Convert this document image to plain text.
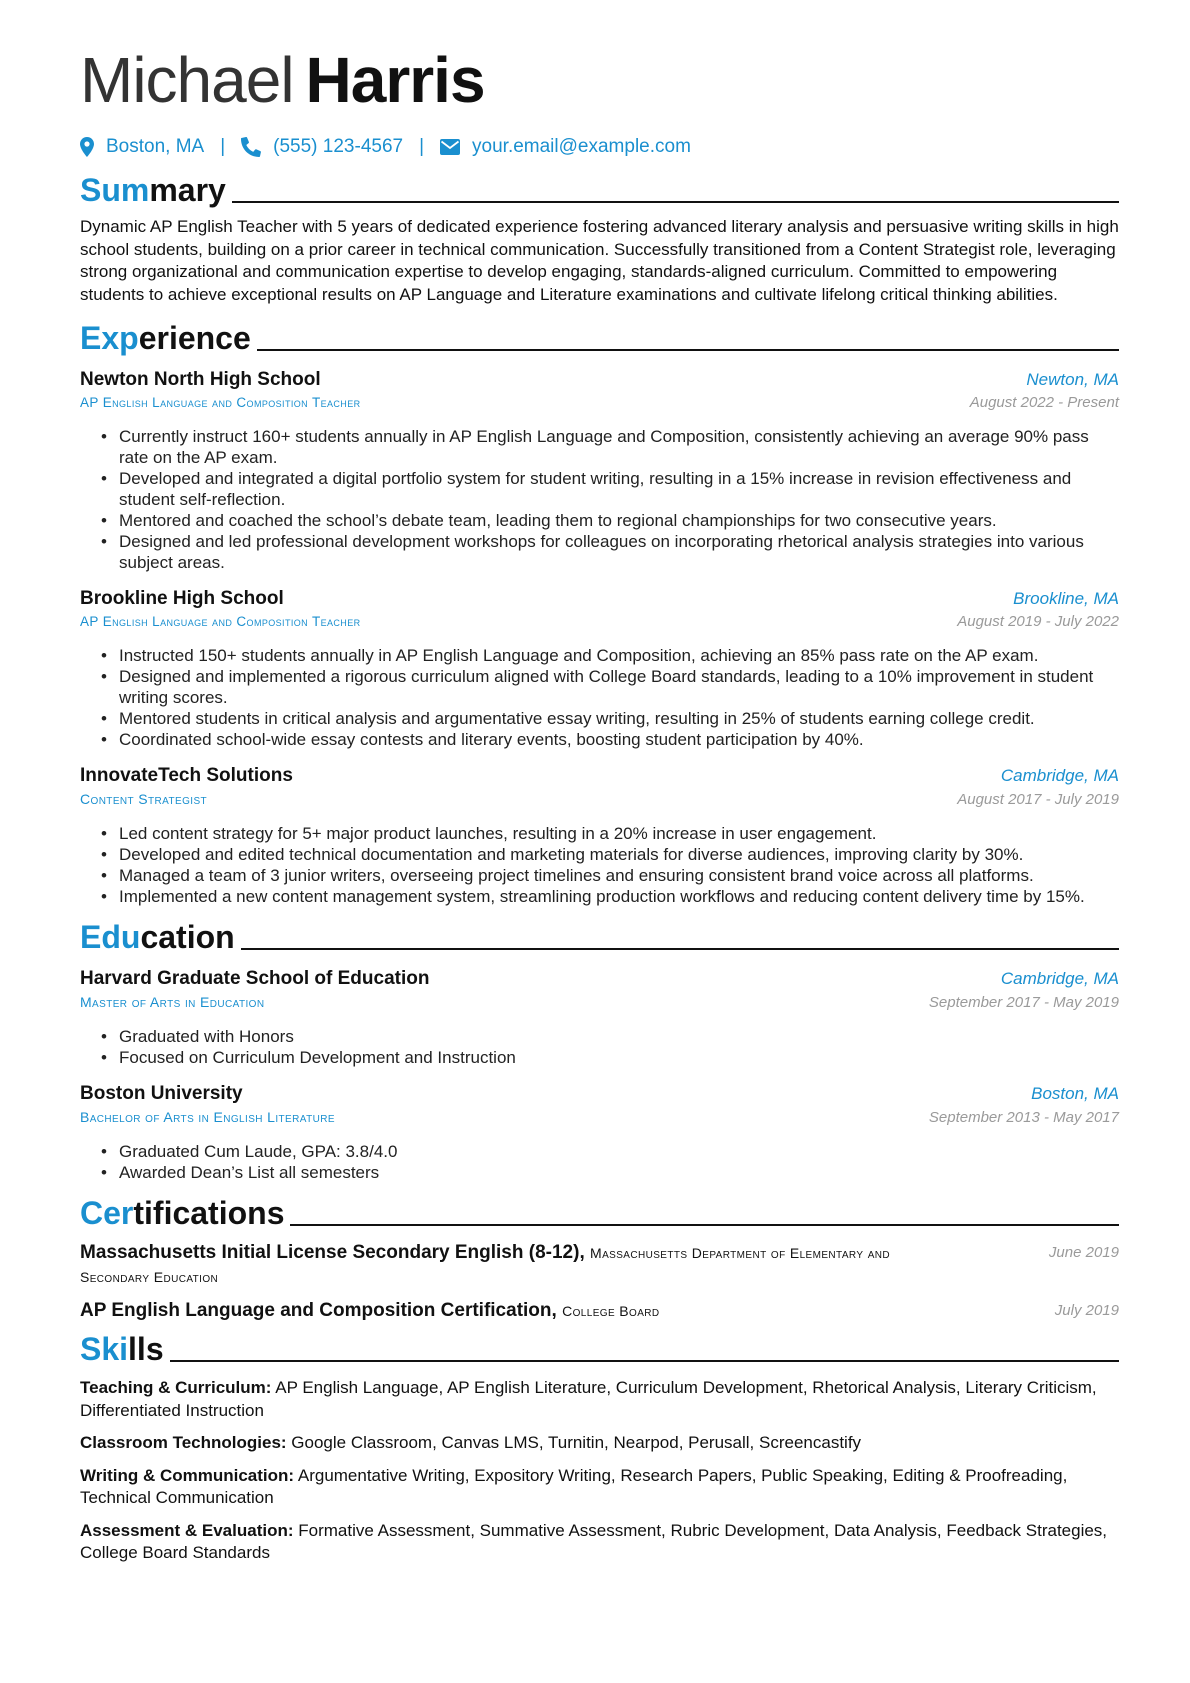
Michael Harris
Boston, MA |	(555) 123-4567 |	your.email@example.com
Summary
Dynamic AP English Teacher with 5 years of dedicated experience fostering advanced literary analysis and persuasive writing skills in high school students, building on a prior career in technical communication. Successfully transitioned from a Content Strategist role, leveraging strong organizational and communication expertise to develop engaging, standards-aligned curriculum. Committed to empowering students to achieve exceptional results on AP Language and Literature examinations and cultivate lifelong critical thinking abilities.
Experience
Newton North High School	Newton, MA
AP English Language and Composition Teacher	August 2022 - Present
• Currently instruct 160+ students annually in AP English Language and Composition, consistently achieving an average 90% pass rate on the AP exam.
• Developed and integrated a digital portfolio system for student writing, resulting in a 15% increase in revision effectiveness and student self-reflection.
• Mentored and coached the school’s debate team, leading them to regional championships for two consecutive years.
• Designed and led professional development workshops for colleagues on incorporating rhetorical analysis strategies into various subject areas.
Brookline High School	Brookline, MA
AP English Language and Composition Teacher	August 2019 - July 2022
• Instructed 150+ students annually in AP English Language and Composition, achieving an 85% pass rate on the AP exam.
• Designed and implemented a rigorous curriculum aligned with College Board standards, leading to a 10% improvement in student writing scores.
• Mentored students in critical analysis and argumentative essay writing, resulting in 25% of students earning college credit.
• Coordinated school-wide essay contests and literary events, boosting student participation by 40%.
InnovateTech Solutions	Cambridge, MA
Content Strategist	August 2017 - July 2019
• Led content strategy for 5+ major product launches, resulting in a 20% increase in user engagement.
• Developed and edited technical documentation and marketing materials for diverse audiences, improving clarity by 30%.
• Managed a team of 3 junior writers, overseeing project timelines and ensuring consistent brand voice across all platforms.
• Implemented a new content management system, streamlining production workflows and reducing content delivery time by 15%.
Education
Harvard Graduate School of Education	Cambridge, MA
Master of Arts in Education	September 2017 - May 2019
• Graduated with Honors
• Focused on Curriculum Development and Instruction
Boston University	Boston, MA
Bachelor of Arts in English Literature	September 2013 - May 2017
• Graduated Cum Laude, GPA: 3.8/4.0
• Awarded Dean’s List all semesters
Certifications
Massachusetts Initial License Secondary English (8-12), Massachusetts Department of Elementary and Secondary Education
June 2019
AP English Language and Composition Certification, College Board	July 2019
Skills
Teaching & Curriculum: AP English Language, AP English Literature, Curriculum Development, Rhetorical Analysis, Literary Criticism, Differentiated Instruction
Classroom Technologies: Google Classroom, Canvas LMS, Turnitin, Nearpod, Perusall, Screencastify
Writing & Communication: Argumentative Writing, Expository Writing, Research Papers, Public Speaking, Editing & Proofreading, Technical Communication
Assessment & Evaluation: Formative Assessment, Summative Assessment, Rubric Development, Data Analysis, Feedback Strategies, College Board Standards
